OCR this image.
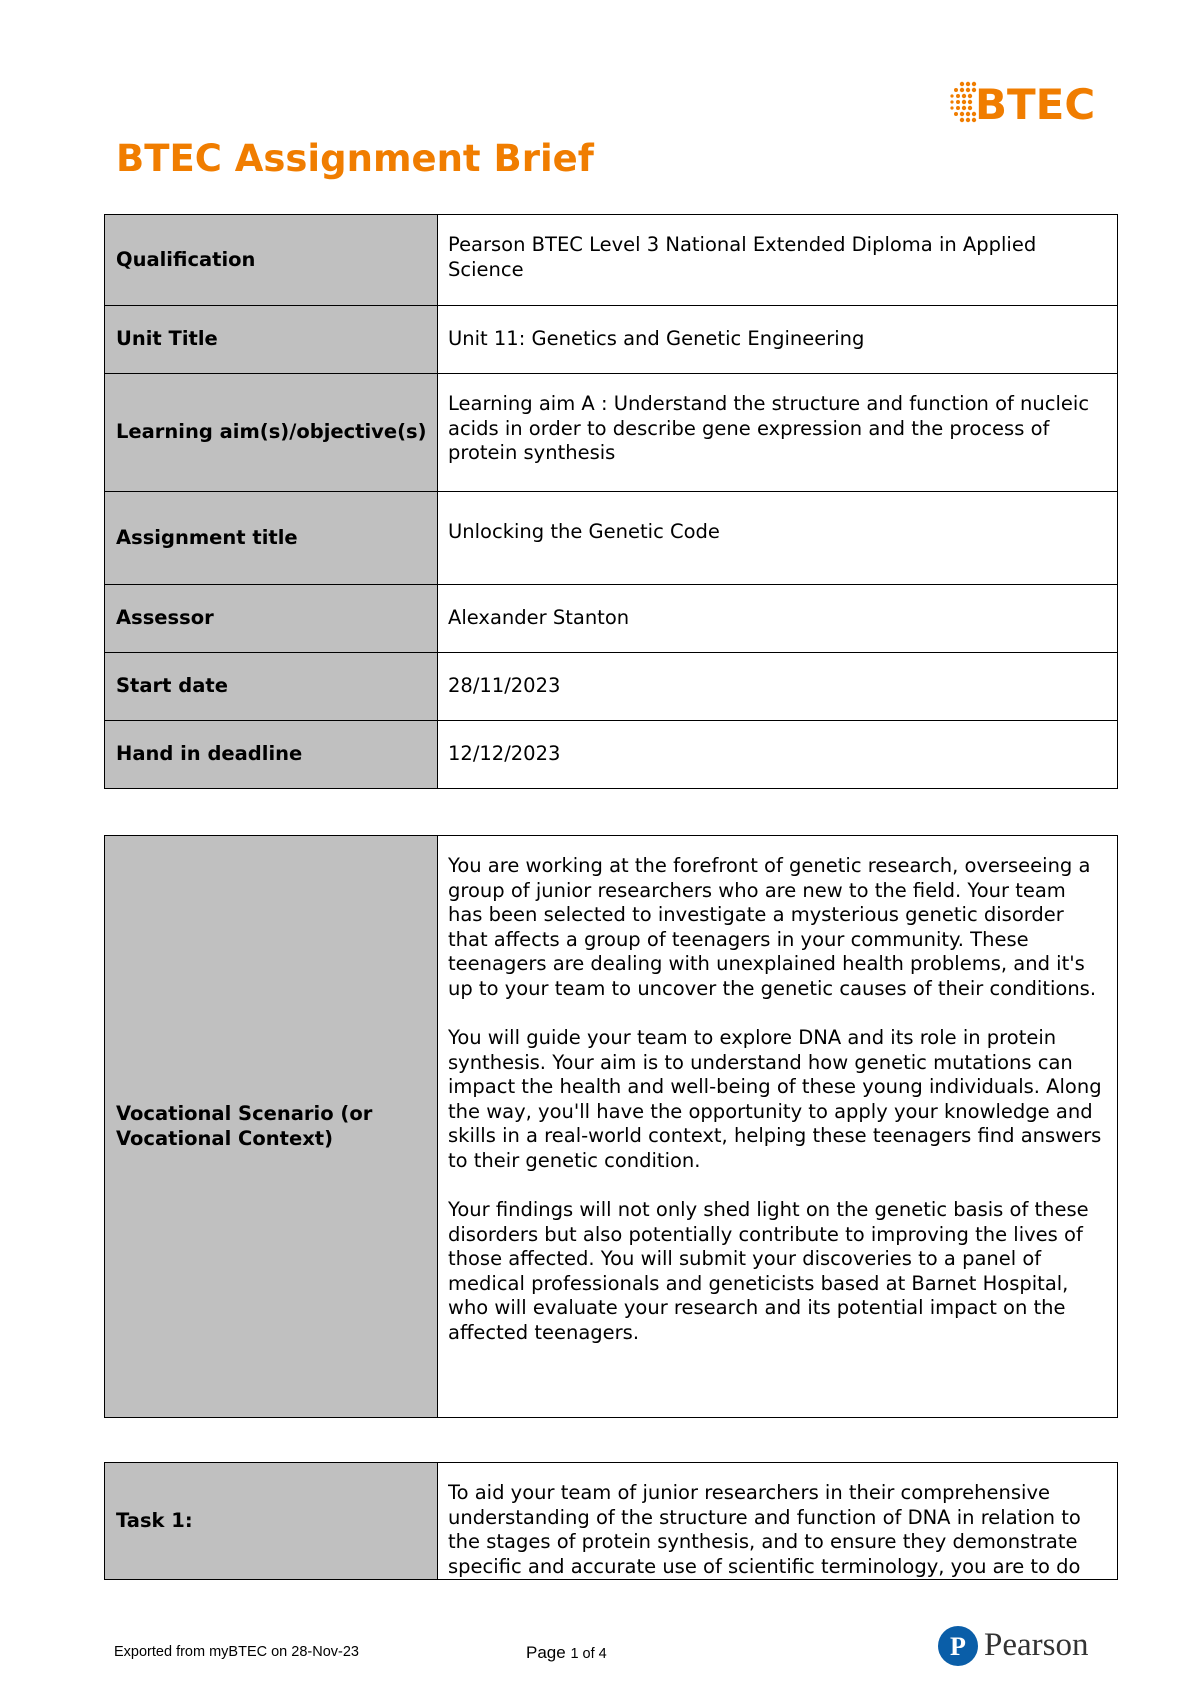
BTEC
BTEC Assignment Brief
Qualification	Pearson BTEC Level 3 National Extended Diploma in Applied Science

Unit Title	Unit 11: Genetics and Genetic Engineering
Learning aim(s)/objective(s)	Learning aim A : Understand the structure and function of nucleic acids in order to describe gene expression and the process of protein synthesis

Assignment title	Unlocking the Genetic Code

Assessor	Alexander Stanton
Start date	28/11/2023
Hand in deadline	12/12/2023
Vocational Scenario (or Vocational Context)	

You are working at the forefront of genetic research, overseeing a group of junior researchers who are new to the field. Your team has been selected to investigate a mysterious genetic disorder that affects a group of teenagers in your community. These teenagers are dealing with unexplained health problems, and it's up to your team to uncover the genetic causes of their conditions.

You will guide your team to explore DNA and its role in protein synthesis. Your aim is to understand how genetic mutations can impact the health and well-being of these young individuals. Along the way, you'll have the opportunity to apply your knowledge and skills in a real-world context, helping these teenagers find answers to their genetic condition.

Your findings will not only shed light on the genetic basis of these disorders but also potentially contribute to improving the lives of those affected. You will submit your discoveries to a panel of medical professionals and geneticists based at Barnet Hospital, who will evaluate your research and its potential impact on the affected teenagers.

Task 1:	
To aid your team of junior researchers in their comprehensive understanding of the structure and function of DNA in relation to the stages of protein synthesis, and to ensure they demonstrate specific and accurate use of scientific terminology, you are to do
Exported from myBTEC on 28-Nov-23	Page 1 of 4	P Pearson
